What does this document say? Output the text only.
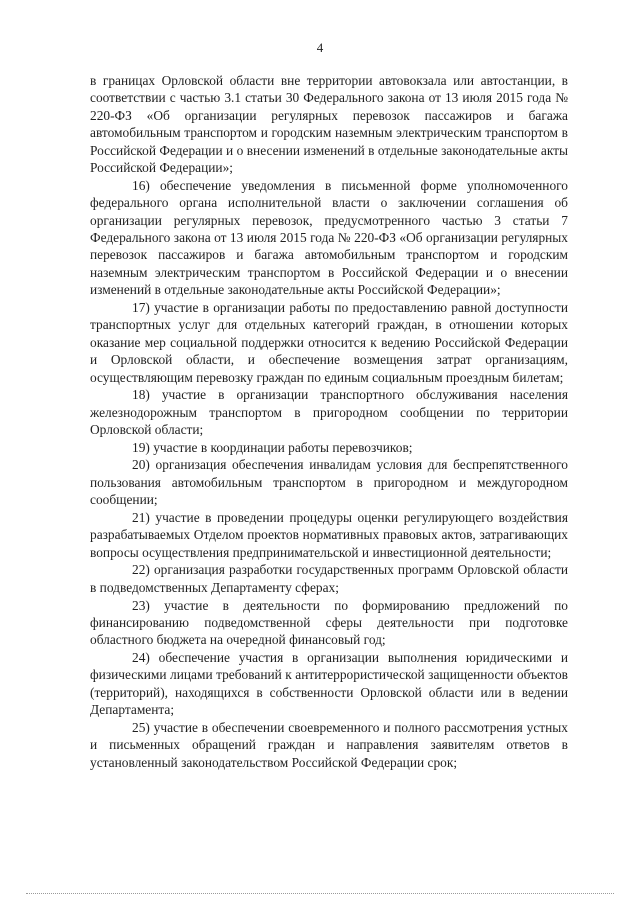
4

в границах Орловской области вне территории автовокзала или автостанции, в соответствии с частью 3.1 статьи 30 Федерального закона от 13 июля 2015 года № 220-ФЗ «Об организации регулярных перевозок пассажиров и багажа автомобильным транспортом и городским наземным электрическим транспортом в Российской Федерации и о внесении изменений в отдельные законодательные акты Российской Федерации»;

16) обеспечение уведомления в письменной форме уполномоченного федерального органа исполнительной власти о заключении соглашения об организации регулярных перевозок, предусмотренного частью 3 статьи 7 Федерального закона от 13 июля 2015 года № 220-ФЗ «Об организации регулярных перевозок пассажиров и багажа автомобильным транспортом и городским наземным электрическим транспортом в Российской Федерации и о внесении изменений в отдельные законодательные акты Российской Федерации»;

17) участие в организации работы по предоставлению равной доступности транспортных услуг для отдельных категорий граждан, в отношении которых оказание мер социальной поддержки относится к ведению Российской Федерации и Орловской области, и обеспечение возмещения затрат организациям, осуществляющим перевозку граждан по единым социальным проездным билетам;

18) участие в организации транспортного обслуживания населения железнодорожным транспортом в пригородном сообщении по территории Орловской области;

19) участие в координации работы перевозчиков;

20) организация обеспечения инвалидам условия для беспрепятственного пользования автомобильным транспортом в пригородном и междугородном сообщении;

21) участие в проведении процедуры оценки регулирующего воздействия разрабатываемых Отделом проектов нормативных правовых актов, затрагивающих вопросы осуществления предпринимательской и инвестиционной деятельности;

22) организация разработки государственных программ Орловской области в подведомственных Департаменту сферах;

23) участие в деятельности по формированию предложений по финансированию подведомственной сферы деятельности при подготовке областного бюджета на очередной финансовый год;

24) обеспечение участия в организации выполнения юридическими и физическими лицами требований к антитеррористической защищенности объектов (территорий), находящихся в собственности Орловской области или в ведении Департамента;

25) участие в обеспечении своевременного и полного рассмотрения устных и письменных обращений граждан и направления заявителям ответов в установленный законодательством Российской Федерации срок;
